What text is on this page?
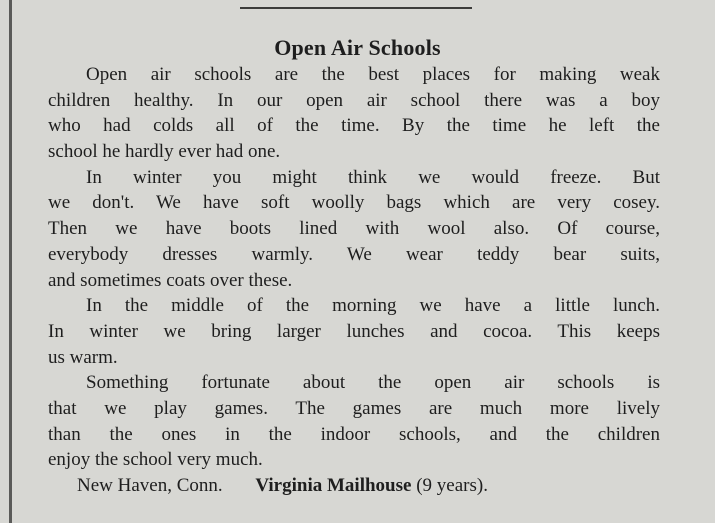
Open Air Schools

Open air schools are the best places for making weak
children healthy. In our open air school there was a boy
who had colds all of the time. By the time he left the
school he hardly ever had one.

In winter you might think we would freeze. But
we don't. We have soft woolly bags which are very cosey.
Then we have boots lined with wool also. Of course,
everybody dresses warmly. We wear teddy bear suits,
and sometimes coats over these.

In the middle of the morning we have a little lunch.
In winter we bring larger lunches and cocoa. This keeps
us warm.

Something fortunate about the open air schools is
that we play games. The games are much more lively
than the ones in the indoor schools, and the children
enjoy the school very much.

New Haven, Conn. Virginia Mailhouse (9 years).
